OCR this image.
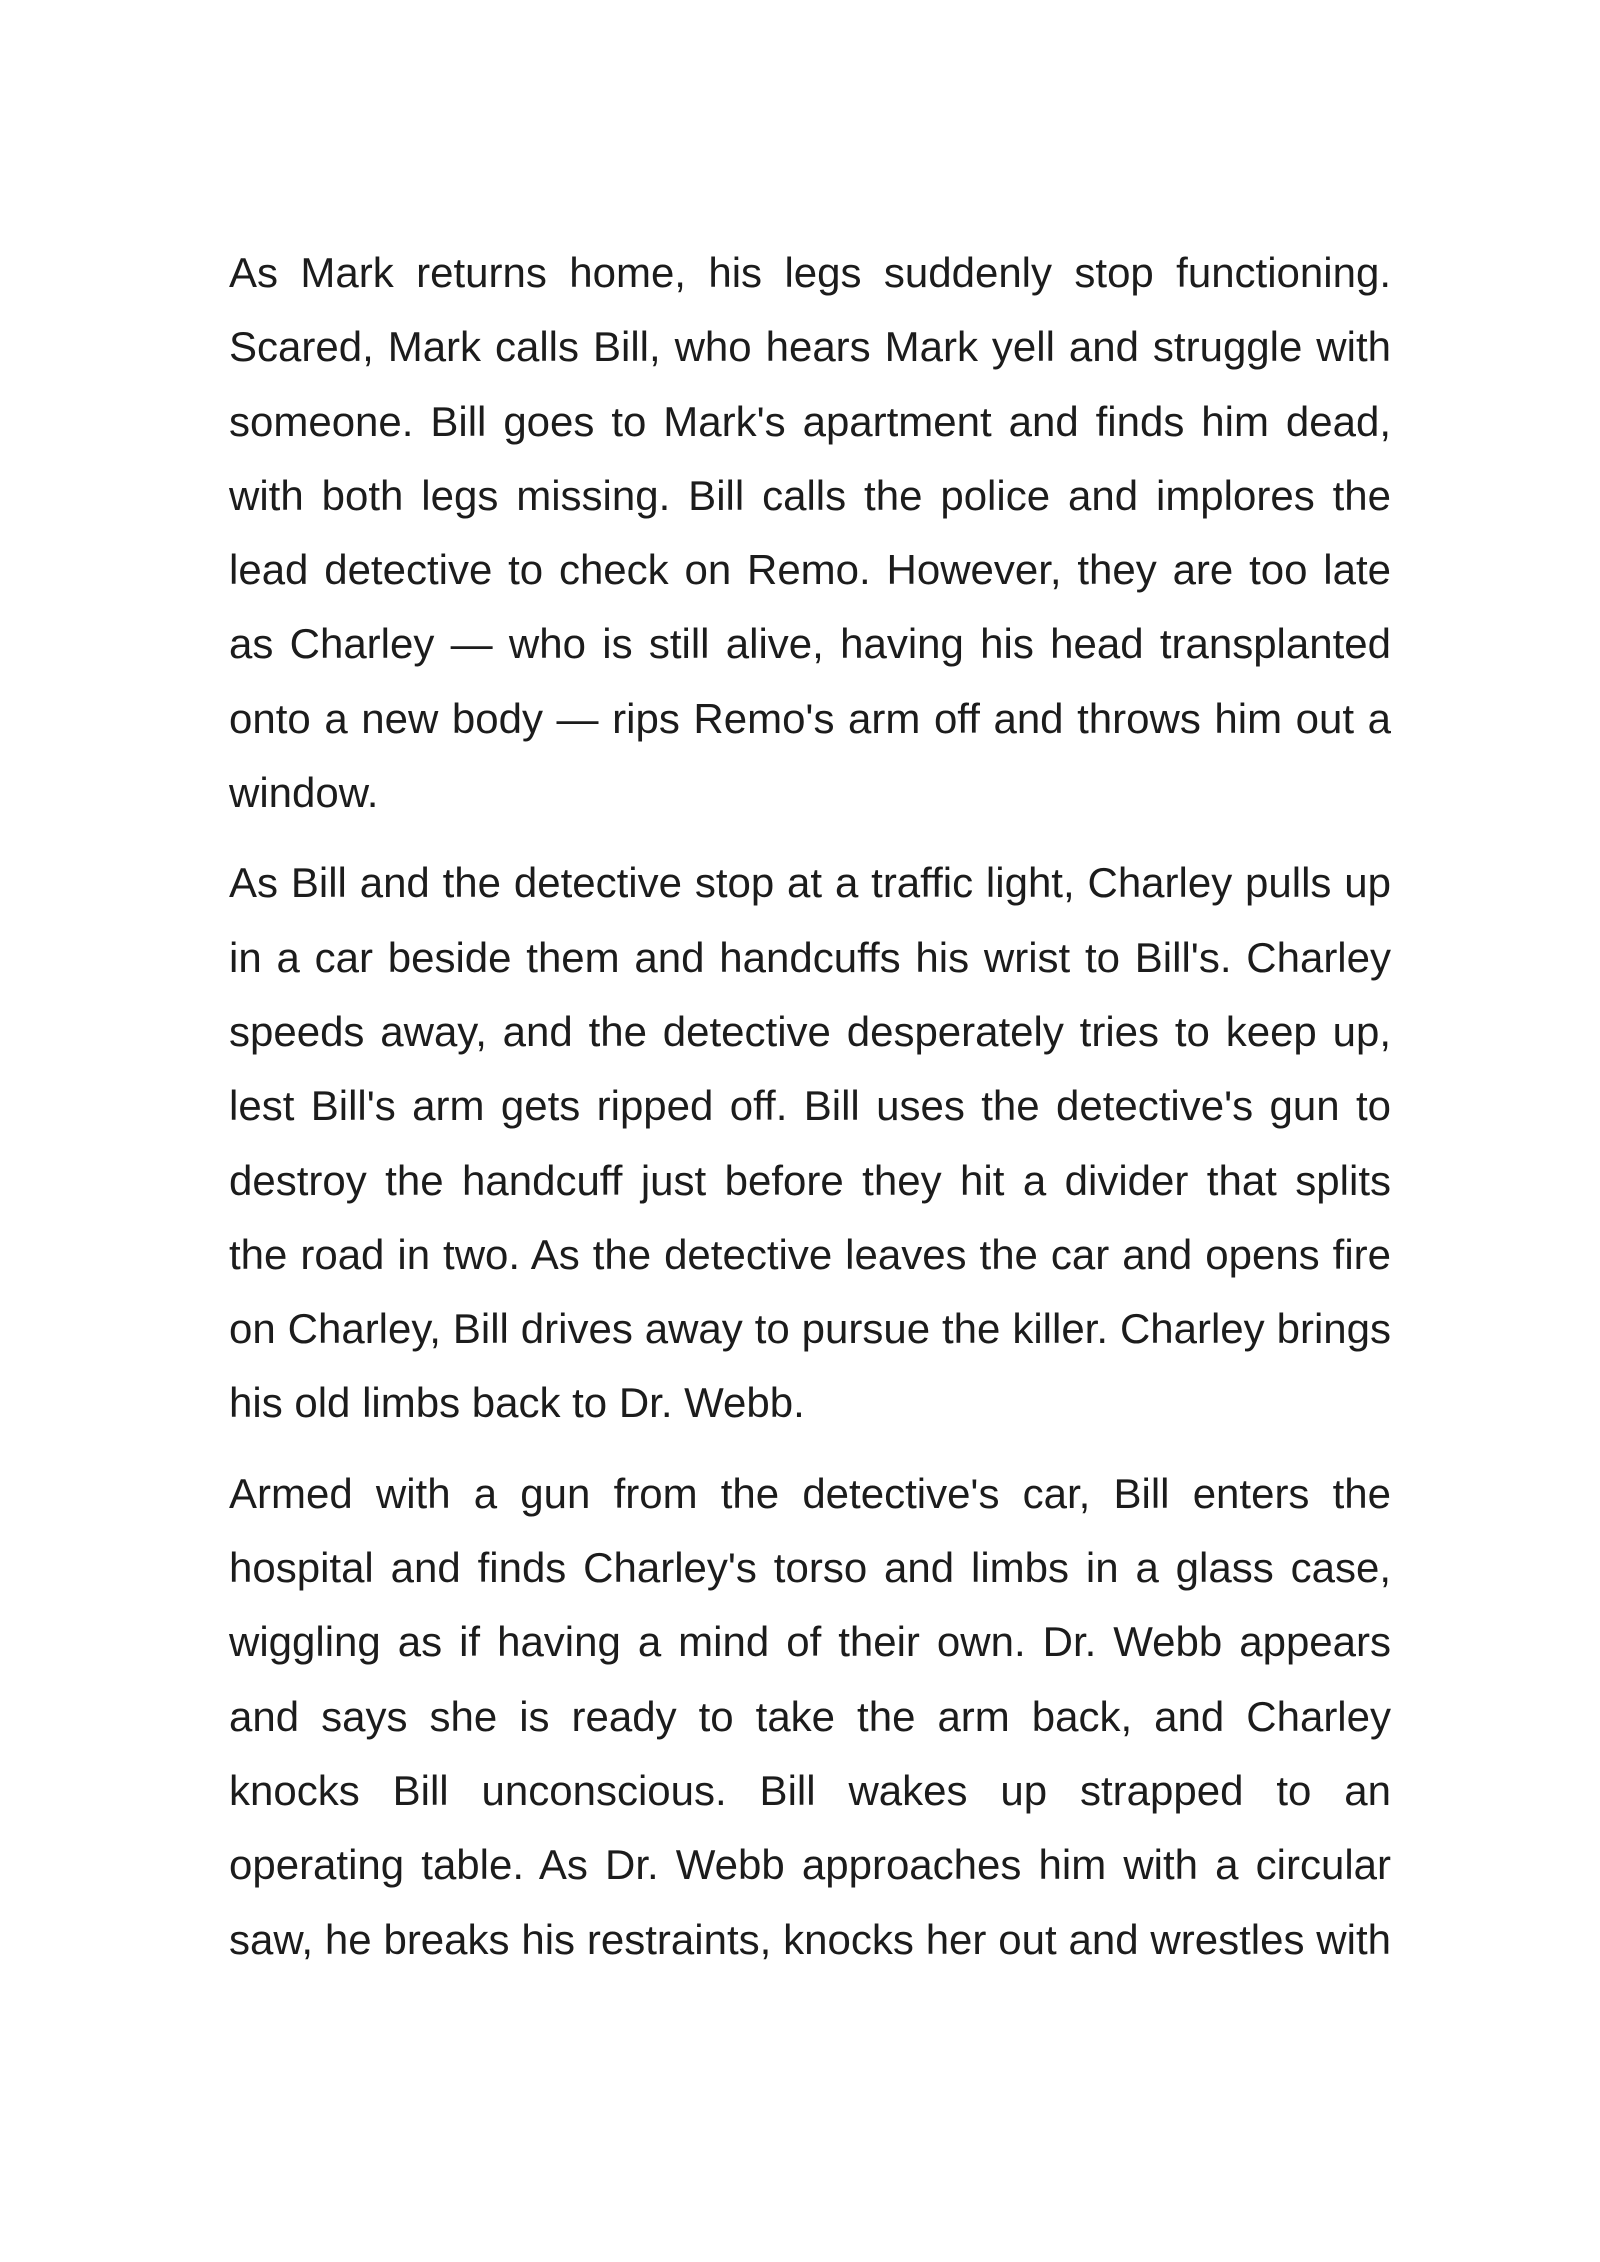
As Mark returns home, his legs suddenly stop functioning. Scared, Mark calls Bill, who hears Mark yell and struggle with someone. Bill goes to Mark's apartment and finds him dead, with both legs missing. Bill calls the police and implores the lead detective to check on Remo. However, they are too late as Charley — who is still alive, having his head transplanted onto a new body — rips Remo's arm off and throws him out a window.

As Bill and the detective stop at a traffic light, Charley pulls up in a car beside them and handcuffs his wrist to Bill's. Charley speeds away, and the detective desperately tries to keep up, lest Bill's arm gets ripped off. Bill uses the detective's gun to destroy the handcuff just before they hit a divider that splits the road in two. As the detective leaves the car and opens fire on Charley, Bill drives away to pursue the killer. Charley brings his old limbs back to Dr. Webb.

Armed with a gun from the detective's car, Bill enters the hospital and finds Charley's torso and limbs in a glass case, wiggling as if having a mind of their own. Dr. Webb appears and says she is ready to take the arm back, and Charley knocks Bill unconscious. Bill wakes up strapped to an operating table. As Dr. Webb approaches him with a circular saw, he breaks his restraints, knocks her out and wrestles with
